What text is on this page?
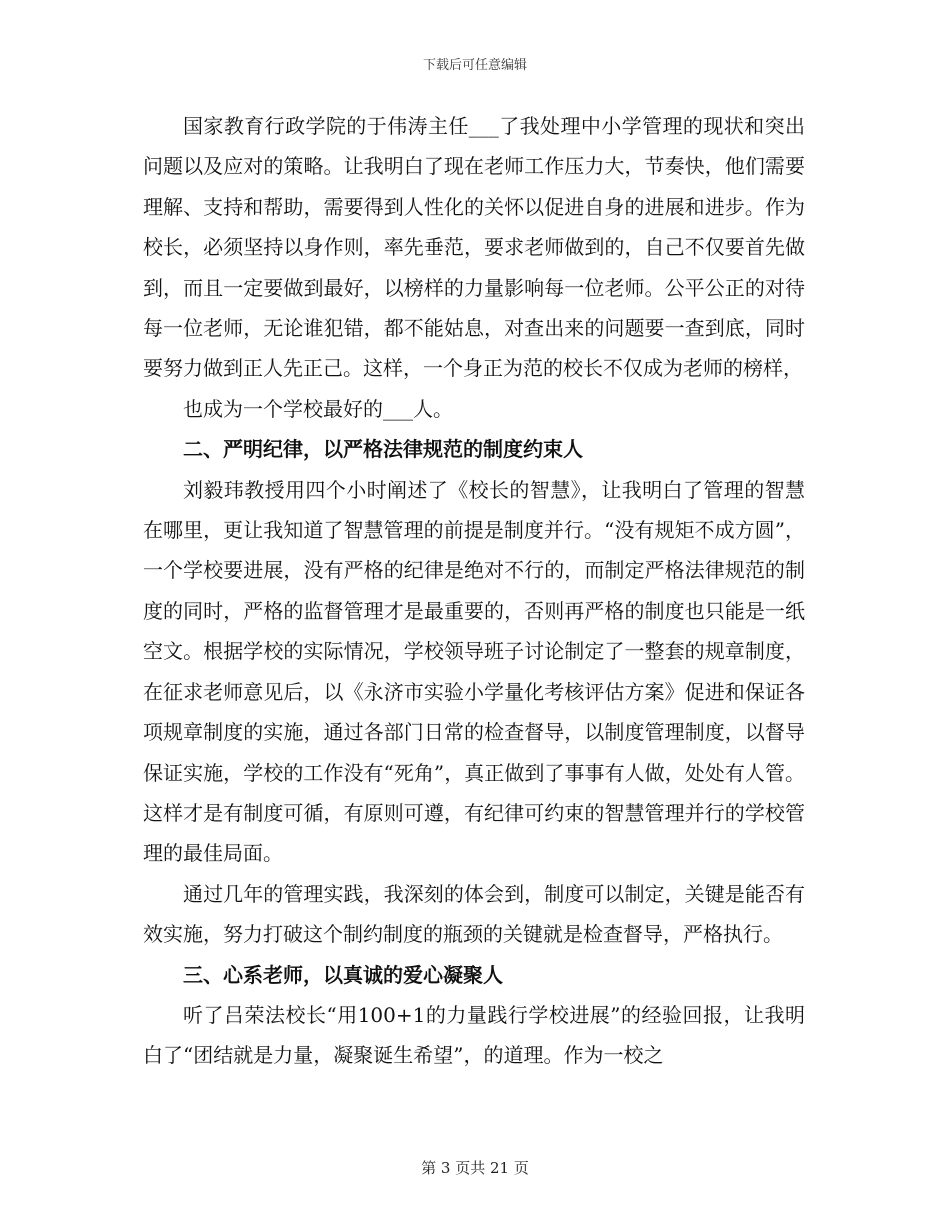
下载后可任意编辑

国家教育行政学院的于伟涛主任___了我处理中小学管理的现状和突出问题以及应对的策略。让我明白了现在老师工作压力大，节奏快，他们需要理解、支持和帮助，需要得到人性化的关怀以促进自身的进展和进步。作为校长，必须坚持以身作则，率先垂范，要求老师做到的，自己不仅要首先做到，而且一定要做到最好，以榜样的力量影响每一位老师。公平公正的对待每一位老师，无论谁犯错，都不能姑息，对查出来的问题要一查到底，同时要努力做到正人先正己。这样，一个身正为范的校长不仅成为老师的榜样，

也成为一个学校最好的___人。

二、严明纪律，以严格法律规范的制度约束人

刘毅玮教授用四个小时阐述了《校长的智慧》，让我明白了管理的智慧在哪里，更让我知道了智慧管理的前提是制度并行。“没有规矩不成方圆”，一个学校要进展，没有严格的纪律是绝对不行的，而制定严格法律规范的制度的同时，严格的监督管理才是最重要的，否则再严格的制度也只能是一纸空文。根据学校的实际情况，学校领导班子讨论制定了一整套的规章制度，在征求老师意见后，以《永济市实验小学量化考核评估方案》促进和保证各项规章制度的实施，通过各部门日常的检查督导，以制度管理制度，以督导保证实施，学校的工作没有“死角”，真正做到了事事有人做，处处有人管。这样才是有制度可循，有原则可遵，有纪律可约束的智慧管理并行的学校管理的最佳局面。

通过几年的管理实践，我深刻的体会到，制度可以制定，关键是能否有效实施，努力打破这个制约制度的瓶颈的关键就是检查督导，严格执行。

三、心系老师，以真诚的爱心凝聚人

听了吕荣法校长“用100+1的力量践行学校进展”的经验回报，让我明白了“团结就是力量，凝聚诞生希望”，的道理。作为一校之

第 3 页共 21 页
